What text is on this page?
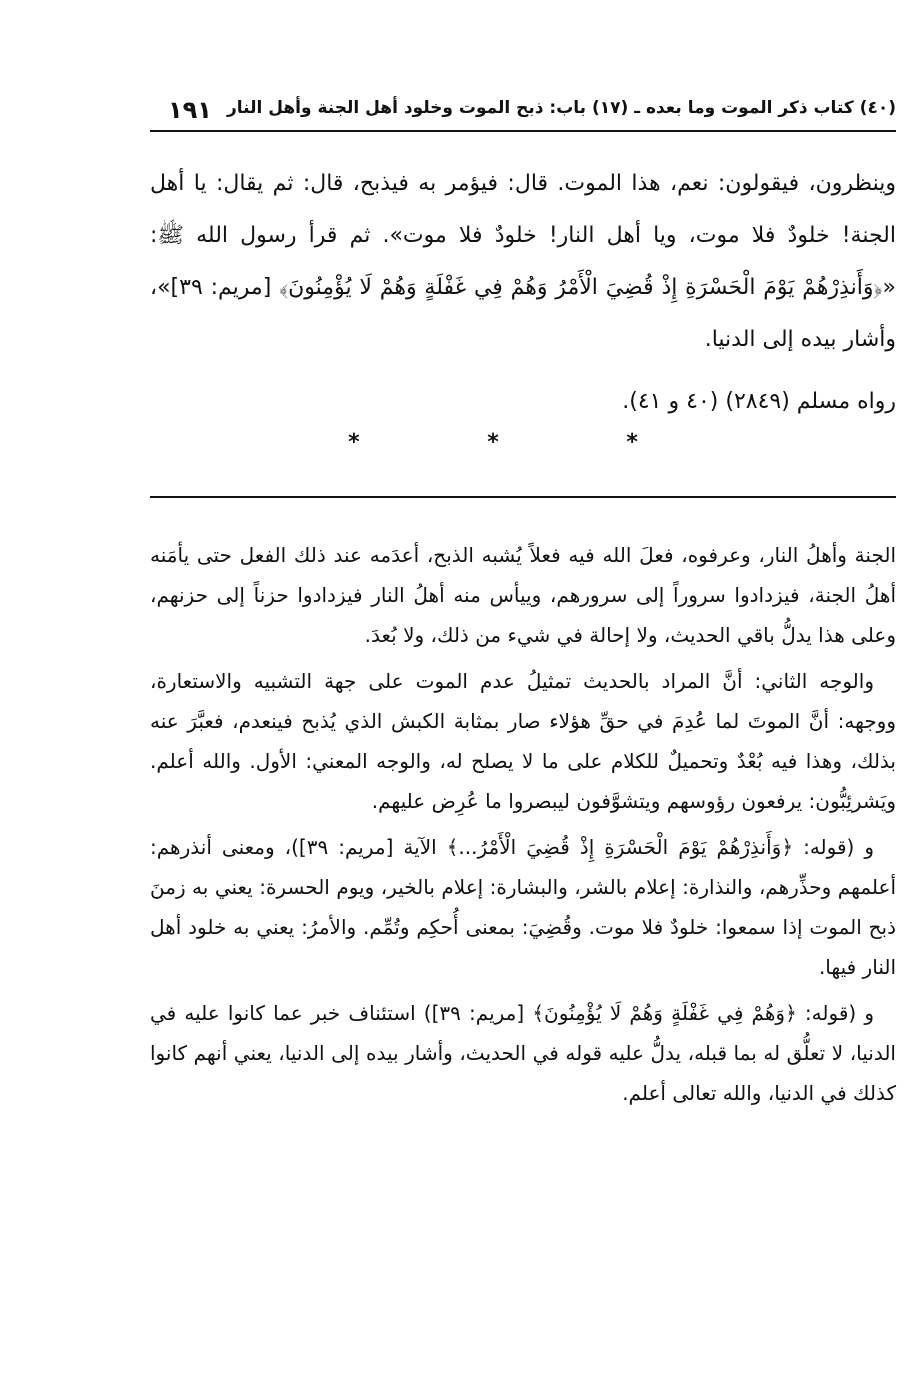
(٤٠) كتاب ذكر الموت وما بعده ـ (١٧) باب: ذبح الموت وخلود أهل الجنة وأهل النار
١٩١

وينظرون، فيقولون: نعم، هذا الموت. قال: فيؤمر به فيذبح، قال: ثم يقال: يا أهل الجنة! خلودٌ فلا موت، ويا أهل النار! خلودٌ فلا موت». ثم قرأ رسول الله ﷺ: «﴿وَأَنذِرْهُمْ يَوْمَ الْحَسْرَةِ إِذْ قُضِيَ الْأَمْرُ وَهُمْ فِي غَفْلَةٍ وَهُمْ لَا يُؤْمِنُونَ﴾ [مريم: ٣٩]»، وأشار بيده إلى الدنيا.

رواه مسلم (٢٨٤٩) (٤٠ و ٤١).

* * *

الجنة وأهلُ النار، وعرفوه، فعلَ الله فيه فعلاً يُشبه الذبح، أعدَمه عند ذلك الفعل حتى يأمَنه أهلُ الجنة، فيزدادوا سروراً إلى سرورهم، وييأس منه أهلُ النار فيزدادوا حزناً إلى حزنهم، وعلى هذا يدلُّ باقي الحديث، ولا إحالة في شيء من ذلك، ولا بُعدَ.

والوجه الثاني: أنَّ المراد بالحديث تمثيلُ عدم الموت على جهة التشبيه والاستعارة، ووجهه: أنَّ الموتَ لما عُدِمَ في حقِّ هؤلاء صار بمثابة الكبش الذي يُذبح فينعدم، فعبَّرَ عنه بذلك، وهذا فيه بُعْدٌ وتحميلٌ للكلام على ما لا يصلح له، والوجه المعني: الأول. والله أعلم. ويَشرئِبُّون: يرفعون رؤوسهم ويتشوَّفون ليبصروا ما عُرِض عليهم.

و (قوله: ﴿وَأَنذِرْهُمْ يَوْمَ الْحَسْرَةِ إِذْ قُضِيَ الْأَمْرُ...﴾ الآية [مريم: ٣٩])، ومعنى أنذرهم: أعلمهم وحذِّرهم، والنذارة: إعلام بالشر، والبشارة: إعلام بالخير، ويوم الحسرة: يعني به زمنَ ذبح الموت إذا سمعوا: خلودٌ فلا موت. وقُضِيَ: بمعنى أُحكِم وتُمِّم. والأمرُ: يعني به خلود أهل النار فيها.

و (قوله: ﴿وَهُمْ فِي غَفْلَةٍ وَهُمْ لَا يُؤْمِنُونَ﴾ [مريم: ٣٩]) استئناف خبر عما كانوا عليه في الدنيا، لا تعلُّق له بما قبله، يدلُّ عليه قوله في الحديث، وأشار بيده إلى الدنيا، يعني أنهم كانوا كذلك في الدنيا، والله تعالى أعلم.
